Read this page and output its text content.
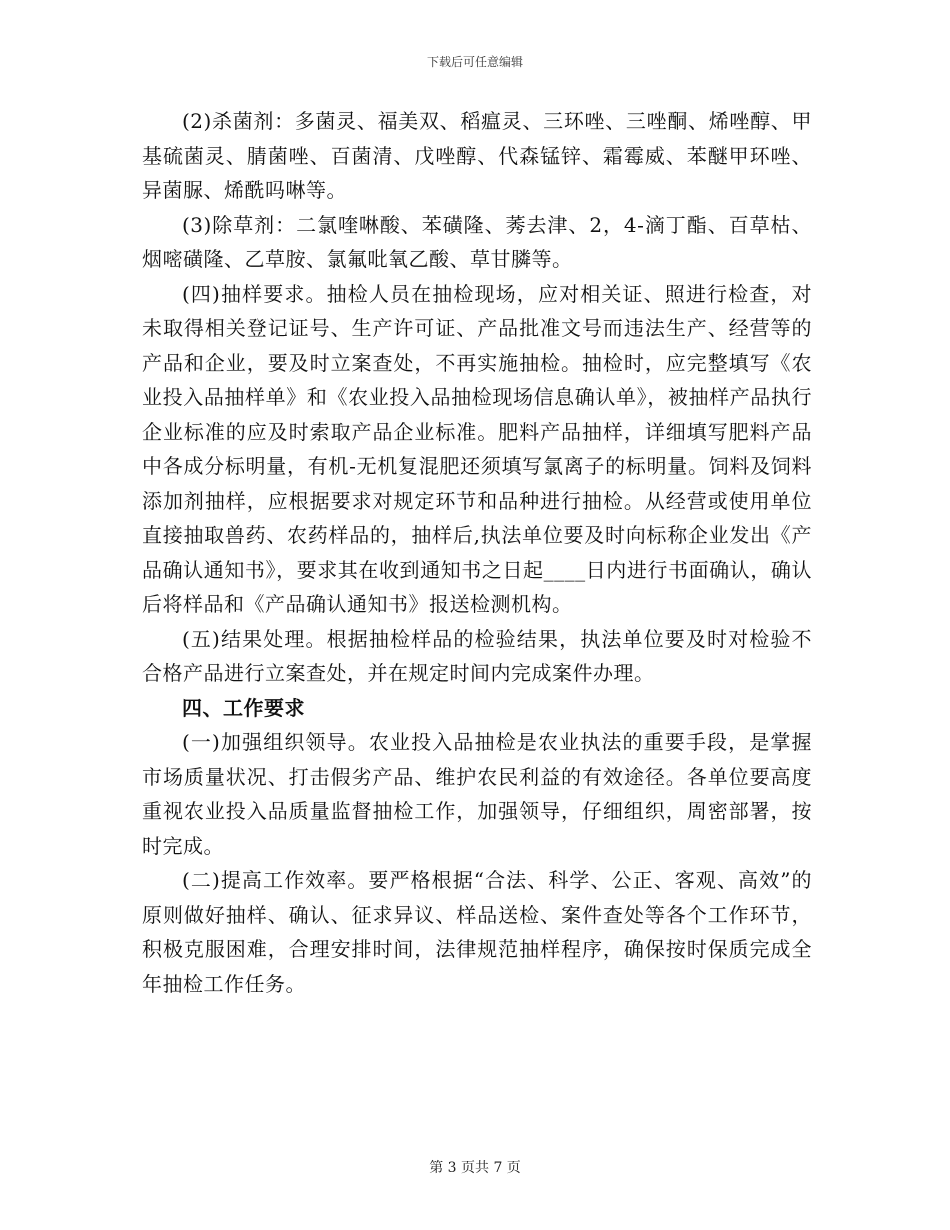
下载后可任意编辑

(2)杀菌剂：多菌灵、福美双、稻瘟灵、三环唑、三唑酮、烯唑醇、甲基硫菌灵、腈菌唑、百菌清、戊唑醇、代森锰锌、霜霉威、苯醚甲环唑、异菌脲、烯酰吗啉等。

(3)除草剂：二氯喹啉酸、苯磺隆、莠去津、2，4-滴丁酯、百草枯、烟嘧磺隆、乙草胺、氯氟吡氧乙酸、草甘膦等。

(四)抽样要求。抽检人员在抽检现场，应对相关证、照进行检查，对未取得相关登记证号、生产许可证、产品批准文号而违法生产、经营等的产品和企业，要及时立案查处，不再实施抽检。抽检时，应完整填写《农业投入品抽样单》和《农业投入品抽检现场信息确认单》，被抽样产品执行企业标准的应及时索取产品企业标准。肥料产品抽样，详细填写肥料产品中各成分标明量，有机-无机复混肥还须填写氯离子的标明量。饲料及饲料添加剂抽样，应根据要求对规定环节和品种进行抽检。从经营或使用单位直接抽取兽药、农药样品的，抽样后,执法单位要及时向标称企业发出《产品确认通知书》，要求其在收到通知书之日起____日内进行书面确认，确认后将样品和《产品确认通知书》报送检测机构。

(五)结果处理。根据抽检样品的检验结果，执法单位要及时对检验不合格产品进行立案查处，并在规定时间内完成案件办理。

四、工作要求

(一)加强组织领导。农业投入品抽检是农业执法的重要手段，是掌握市场质量状况、打击假劣产品、维护农民利益的有效途径。各单位要高度重视农业投入品质量监督抽检工作，加强领导，仔细组织，周密部署，按时完成。

(二)提高工作效率。要严格根据“合法、科学、公正、客观、高效”的原则做好抽样、确认、征求异议、样品送检、案件查处等各个工作环节，积极克服困难，合理安排时间，法律规范抽样程序，确保按时保质完成全年抽检工作任务。

第 3 页共 7 页
